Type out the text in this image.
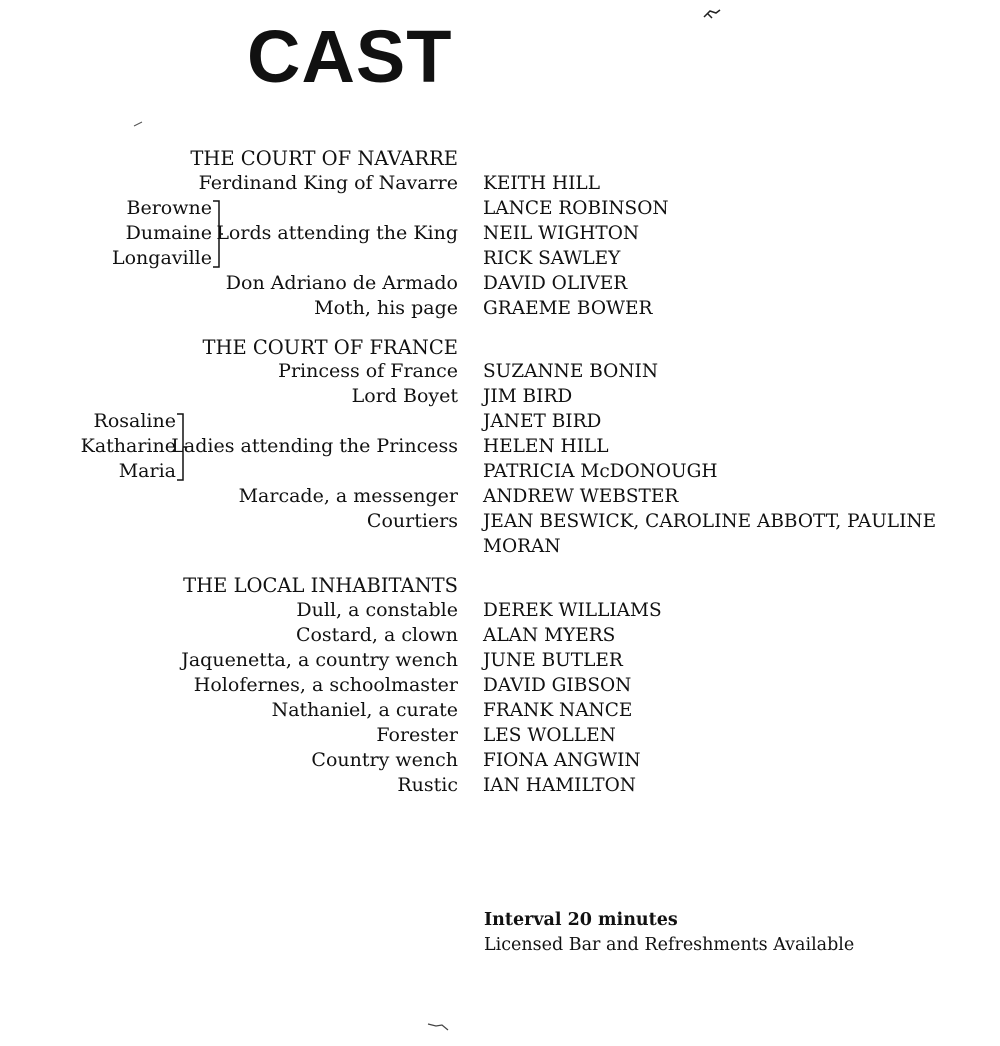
CAST
THE COURT OF NAVARRE
Ferdinand King of Navarre KEITH HILL
Berowne
Dumaine
Longaville
Lords attending the King
LANCE ROBINSON
NEIL WIGHTON
RICK SAWLEY
Don Adriano de Armado DAVID OLIVER
Moth, his page GRAEME BOWER
THE COURT OF FRANCE
Princess of France SUZANNE BONIN
Lord Boyet JIM BIRD
Rosaline
Katharine
Maria
Ladies attending the Princess
JANET BIRD
HELEN HILL
PATRICIA McDONOUGH
Marcade, a messenger ANDREW WEBSTER
Courtiers JEAN BESWICK, CAROLINE ABBOTT, PAULINE MORAN
THE LOCAL INHABITANTS
Dull, a constable DEREK WILLIAMS
Costard, a clown ALAN MYERS
Jaquenetta, a country wench JUNE BUTLER
Holofernes, a schoolmaster DAVID GIBSON
Nathaniel, a curate FRANK NANCE
Forester LES WOLLEN
Country wench FIONA ANGWIN
Rustic IAN HAMILTON
Interval 20 minutes
Licensed Bar and Refreshments Available
